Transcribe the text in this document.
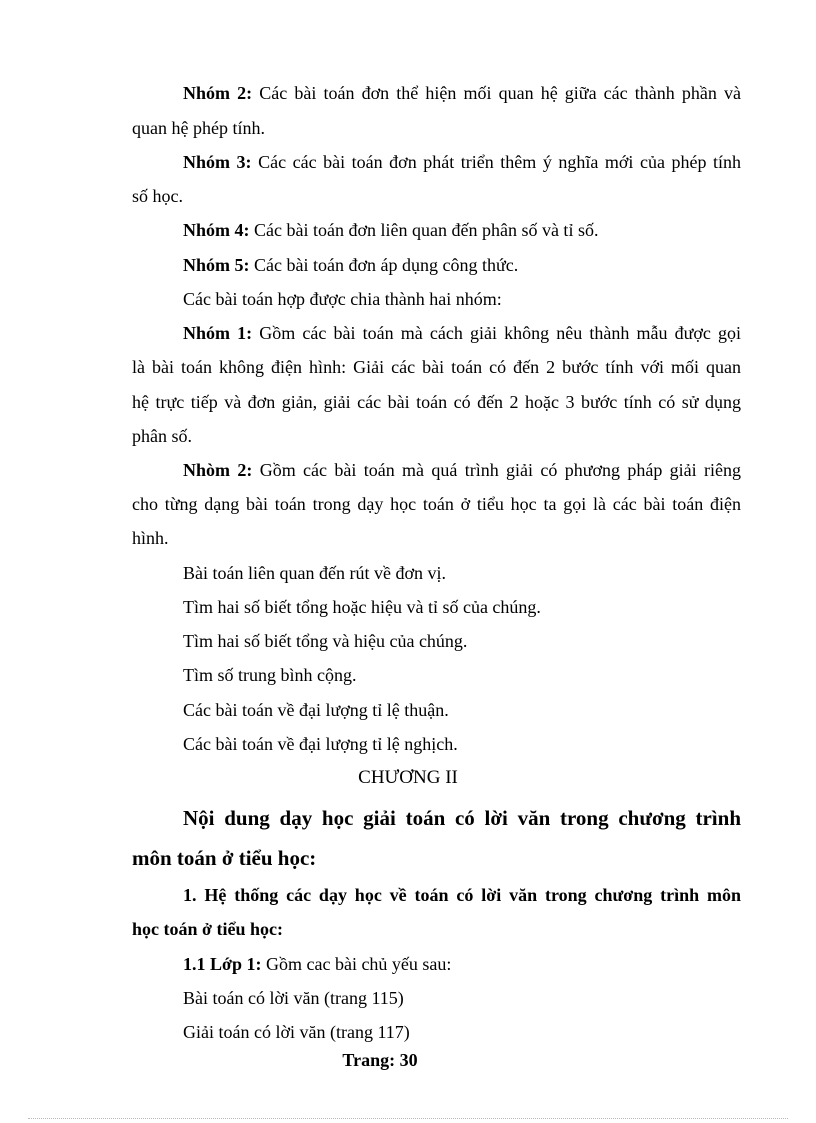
Nhóm 2: Các bài toán đơn thể hiện mối quan hệ giữa các thành phần và
quan hệ phép tính.
Nhóm 3: Các các bài toán đơn phát triển thêm ý nghĩa mới của phép tính
số học.
Nhóm 4: Các bài toán đơn liên quan đến phân số và tỉ số.
Nhóm 5: Các bài toán đơn áp dụng công thức.
Các bài toán hợp được chia thành hai nhóm:
Nhóm 1: Gồm các bài toán mà cách giải không nêu thành mẫu được gọi
là bài toán không điện hình: Giải các bài toán có đến 2 bước tính với mối quan
hệ trực tiếp và đơn giản, giải các bài toán có đến 2 hoặc 3 bước tính có sử dụng
phân số.
Nhòm 2: Gồm các bài toán mà quá trình giải có phương pháp giải riêng
cho từng dạng bài toán trong dạy học toán ở tiểu học ta gọi là các bài toán điện
hình.
Bài toán liên quan đến rút về đơn vị.
Tìm hai số biết tổng hoặc hiệu và tỉ số của chúng.
Tìm hai số biết tổng và hiệu của chúng.
Tìm số trung bình cộng.
Các bài toán về đại lượng tỉ lệ thuận.
Các bài toán về đại lượng tỉ lệ nghịch.
CHƯƠNG II
Nội dung dạy học giải toán có lời văn trong chương trình
môn toán ở tiểu học:
1. Hệ thống các dạy học về toán có lời văn trong chương trình môn
học toán ở tiểu học:
1.1 Lớp 1: Gồm cac bài chủ yếu sau:
Bài toán có lời văn (trang 115)
Giải toán có lời văn (trang 117)
Trang: 30
